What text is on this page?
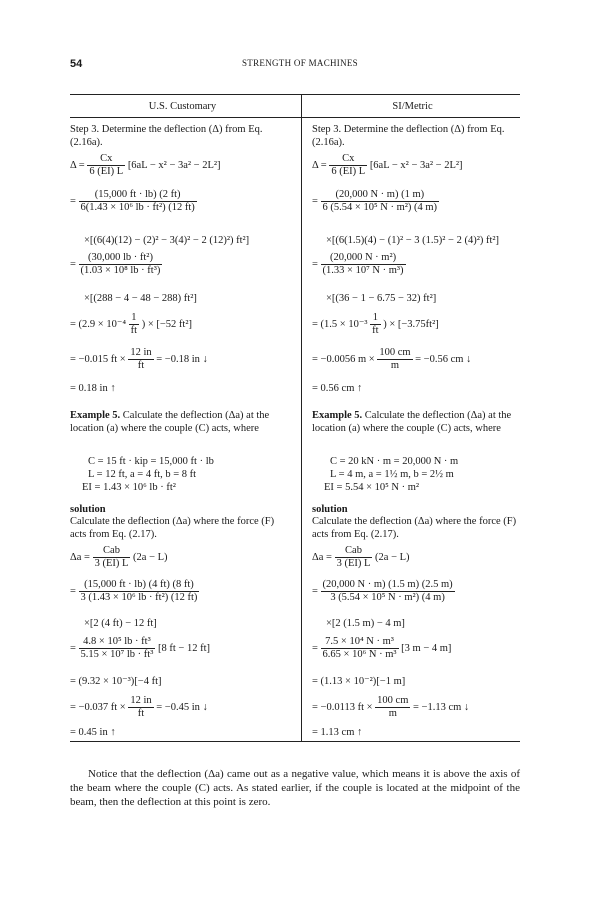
54	STRENGTH OF MACHINES
U.S. Customary	SI/Metric
Step 3. Determine the deflection (Δ) from Eq. (2.16a).
$\Delta = \frac{Cx}{6 (EI) L} [6aL - x^2 - 3a^2 - 2L^2]$
= $\frac{(15,000 ft \cdot lb) (2 ft)}{\text{6(1.43 × 10⁶ lb · ft²) (12 ft)}}$
×[(6(4)(12) − (2)² − 3(4)² − 2 (12)²) ft²]
= $\frac{\text{(30,000 lb · ft²)}}{\text{(1.03 × 10⁸ lb · ft³)}}$
×[(288 − 4 − 48 − 288) ft²]
= ($2.9 \times 10^{-4} \frac{1}{ft}$ ) × [−52 ft²]
= −0.015 ft × $\frac{12 in}{ft} = -0.18$ in ↓
= 0.18 in ↑
Example 5. Calculate the deflection (Δa) at the location (a) where the couple (C) acts, where
C = 15 ft · kip = 15,000 ft · lb
L = 12 ft, a = 4 ft, b = 8 ft
EI = 1.43 × 10⁶ lb · ft²
solution
Calculate the deflection (Δa) where the force (F) acts from Eq. (2.17).
$\Delta a = \frac{\text{Cab}}{3 (EI) L} (2a - L)$
= $\frac{(15,000 ft \cdot lb) (4 ft) (8 ft)}{\text{3 (1.43 × 10⁶ lb · ft²) (12 ft)}}$
×[2 (4 ft) − 12 ft]
= $\frac{\text{4.8 × 10⁵ lb · ft³}}{\text{5.15 × 10⁷ lb · ft³}} [8$ ft − 12 ft]
= (9.32 × 10⁻³)[−4 ft]
= −0.037 ft × $\frac{12 in}{ft} = -0.45$ in ↓
= 0.45 in ↑
Step 3. Determine the deflection (Δ) from Eq. (2.16a).
$\Delta = \frac{Cx}{6 (EI) L} [6aL - x^2 - 3a^2 - 2L^2]$
= $\frac{(20,000 N \cdot m) (1 m)}{\text{6 (5.54 × 10⁵ N · m²) (4 m)}}$
×[(6(1.5)(4) − (1)² − 3 (1.5)² − 2 (4)²) ft²]
= $\frac{\text{(20,000 N · m²)}}{\text{(1.33 × 10⁷ N · m³)}}$
×[(36 − 1 − 6.75 − 32) ft²]
= ($1.5 \times 10^{-3} \frac{1}{ft}$ ) × [−3.75ft²]
= −0.0056 $m \times \frac{100 cm}{m} = -0.56$ cm ↓
= 0.56 cm ↑
Example 5. Calculate the deflection (Δa) at the location (a) where the couple (C) acts, where
C = 20 kN · m = 20,000 N · m
L = 4 m, a = 1½ m, b = 2½ m
EI = 5.54 × 10⁵ N · m²
solution
Calculate the deflection (Δa) where the force (F) acts from Eq. (2.17).
$\Delta a = \frac{\text{Cab}}{3 (EI) L} (2a - L)$
= $\frac{(20,000 N \cdot m) (1.5 m) (2.5 m)}{\text{3 (5.54 × 10⁵ N · m²) (4 m)}}$
×[2 (1.5 m) − 4 m]
= $\frac{\text{7.5 × 10⁴ N · m³}}{\text{6.65 × 10⁶ N · m³}} [3$ m − 4 m]
= (1.13 × 10⁻²)[−1 m]
= −0.0113 ft × $\frac{100 cm}{m} = -1.13$ cm ↓
= 1.13 cm ↑
Notice that the deflection (Δa) came out as a negative value, which means it is above the axis of the beam where the couple (C) acts. As stated earlier, if the couple is located at the midpoint of the beam, then the deflection at this point is zero.
